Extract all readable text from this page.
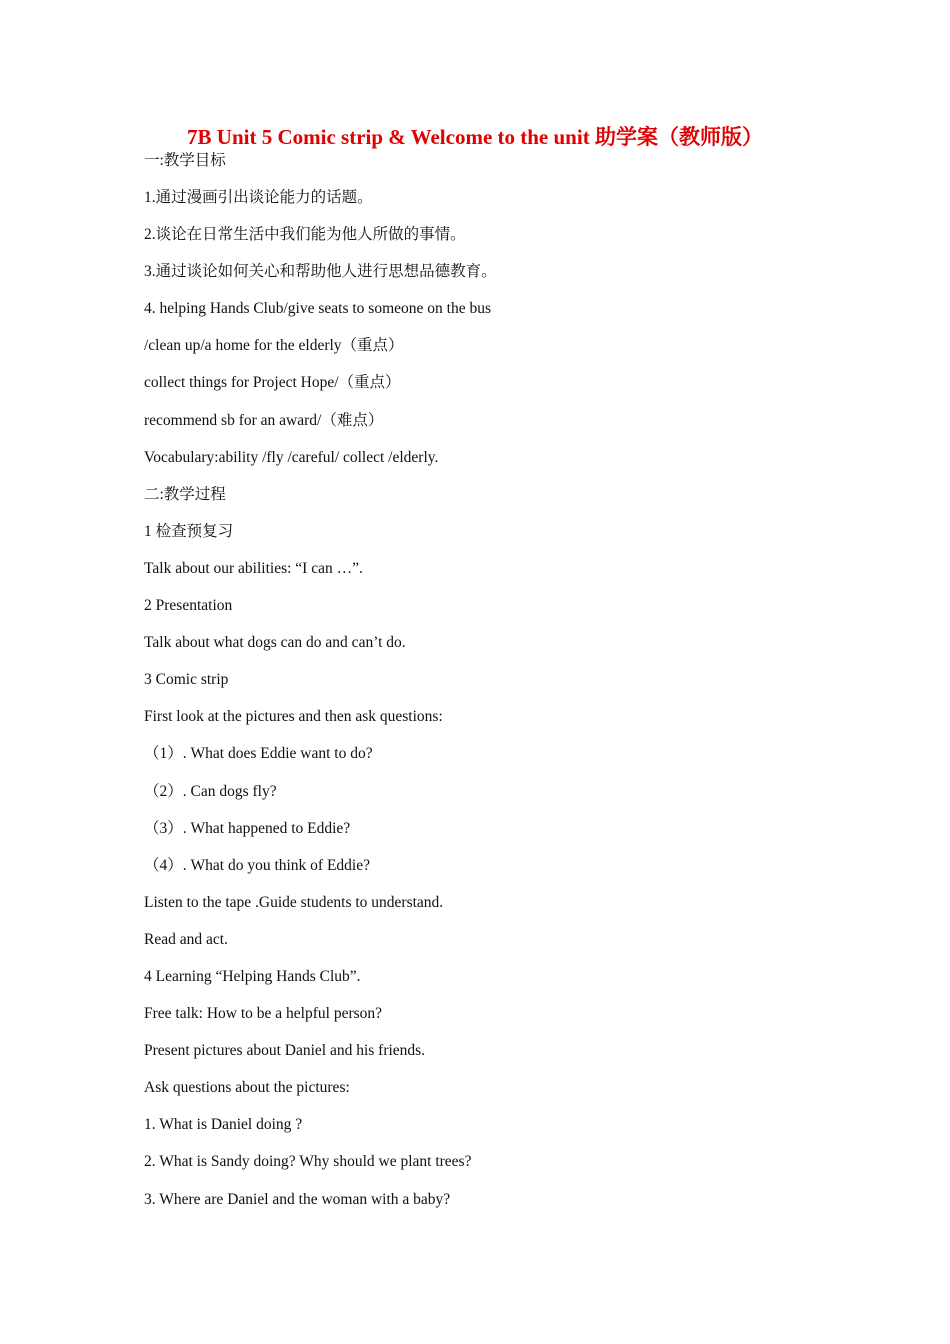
7B Unit 5 Comic strip & Welcome to the unit 助学案（教师版）
一:教学目标
1.通过漫画引出谈论能力的话题。
2.谈论在日常生活中我们能为他人所做的事情。
3.通过谈论如何关心和帮助他人进行思想品德教育。
4. helping Hands Club/give seats to someone on the bus
/clean up/a home for the elderly（重点）
collect things for Project Hope/（重点）
recommend sb for an award/（难点）
Vocabulary:ability /fly /careful/ collect /elderly.
二:教学过程
1 检查预复习
Talk about our abilities: “I can …”.
2 Presentation
Talk about what dogs can do and can’t do.
3 Comic strip
First look at the pictures and then ask questions:
（1）. What does Eddie want to do?
（2）. Can dogs fly?
（3）. What happened to Eddie?
（4）. What do you think of Eddie?
Listen to the tape .Guide students to understand.
Read and act.
4 Learning “Helping Hands Club”.
Free talk: How to be a helpful person?
Present pictures about Daniel and his friends.
Ask questions about the pictures:
1. What is Daniel doing ?
2. What is Sandy doing? Why should we plant trees?
3. Where are Daniel and the woman with a baby?
